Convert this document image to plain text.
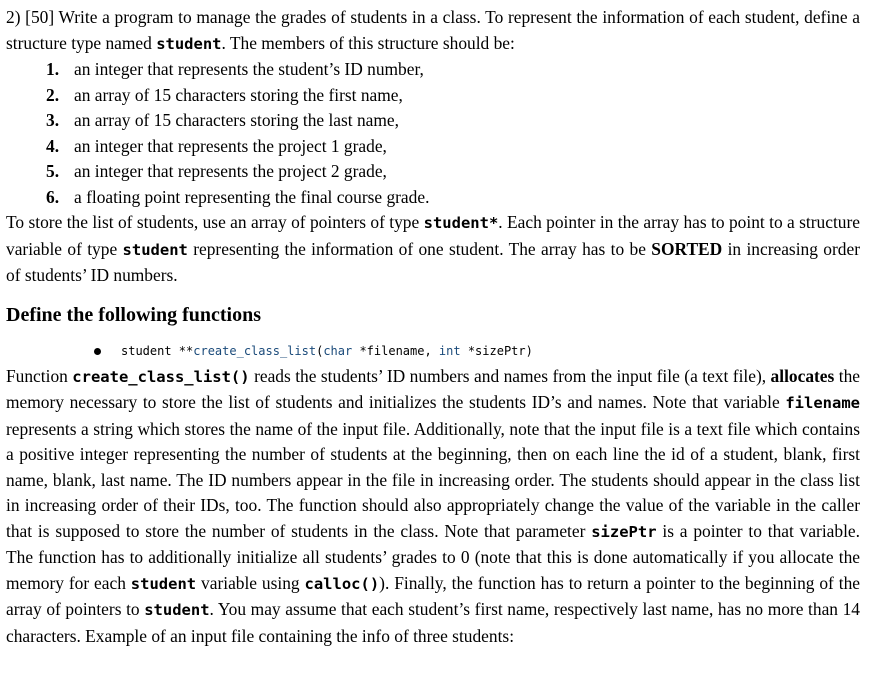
2) [50] Write a program to manage the grades of students in a class. To represent the information of each student, define a structure type named student. The members of this structure should be:

1. an integer that represents the student’s ID number,
2. an array of 15 characters storing the first name,
3. an array of 15 characters storing the last name,
4. an integer that represents the project 1 grade,
5. an integer that represents the project 2 grade,
6. a floating point representing the final course grade.

To store the list of students, use an array of pointers of type student*. Each pointer in the array has to point to a structure variable of type student representing the information of one student. The array has to be SORTED in increasing order of students’ ID numbers.

Define the following functions
student **create_class_list(char *filename, int *sizePtr)

Function create_class_list() reads the students’ ID numbers and names from the input file (a text file), allocates the memory necessary to store the list of students and initializes the students ID’s and names. Note that variable filename represents a string which stores the name of the input file. Additionally, note that the input file is a text file which contains a positive integer representing the number of students at the beginning, then on each line the id of a student, blank, first name, blank, last name. The ID numbers appear in the file in increasing order. The students should appear in the class list in increasing order of their IDs, too. The function should also appropriately change the value of the variable in the caller that is supposed to store the number of students in the class. Note that parameter sizePtr is a pointer to that variable. The function has to additionally initialize all students’ grades to 0 (note that this is done automatically if you allocate the memory for each student variable using calloc()). Finally, the function has to return a pointer to the beginning of the array of pointers to student. You may assume that each student’s first name, respectively last name, has no more than 14 characters. Example of an input file containing the info of three students:
